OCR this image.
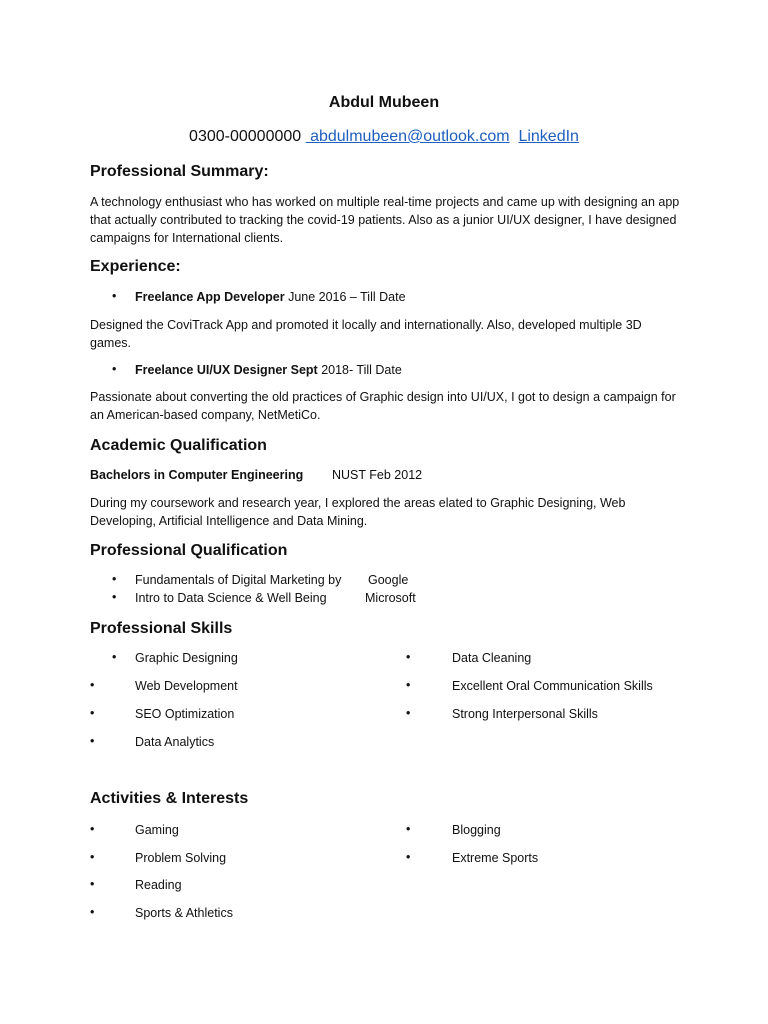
Abdul Mubeen
0300-00000000 abdulmubeen@outlook.com LinkedIn
Professional Summary:
A technology enthusiast who has worked on multiple real-time projects and came up with designing an app that actually contributed to tracking the covid-19 patients. Also as a junior UI/UX designer, I have designed campaigns for International clients.
Experience:
• Freelance App Developer June 2016 – Till Date
Designed the CoviTrack App and promoted it locally and internationally. Also, developed multiple 3D games.
• Freelance UI/UX Designer Sept 2018- Till Date
Passionate about converting the old practices of Graphic design into UI/UX, I got to design a campaign for an American-based company, NetMetiCo.
Academic Qualification
Bachelors in Computer Engineering NUST Feb 2012
During my coursework and research year, I explored the areas elated to Graphic Designing, Web Developing, Artificial Intelligence and Data Mining.
Professional Qualification
• Fundamentals of Digital Marketing by Google
• Intro to Data Science & Well Being	Microsoft
Professional Skills
• Graphic Designing
•	Web Development
•	SEO Optimization
•	Data Analytics
•	Data Cleaning
•	Excellent Oral Communication Skills
•	Strong Interpersonal Skills
Activities & Interests
•	Gaming
•	Problem Solving
•	Reading
•	Sports & Athletics
•	Blogging
•	Extreme Sports
